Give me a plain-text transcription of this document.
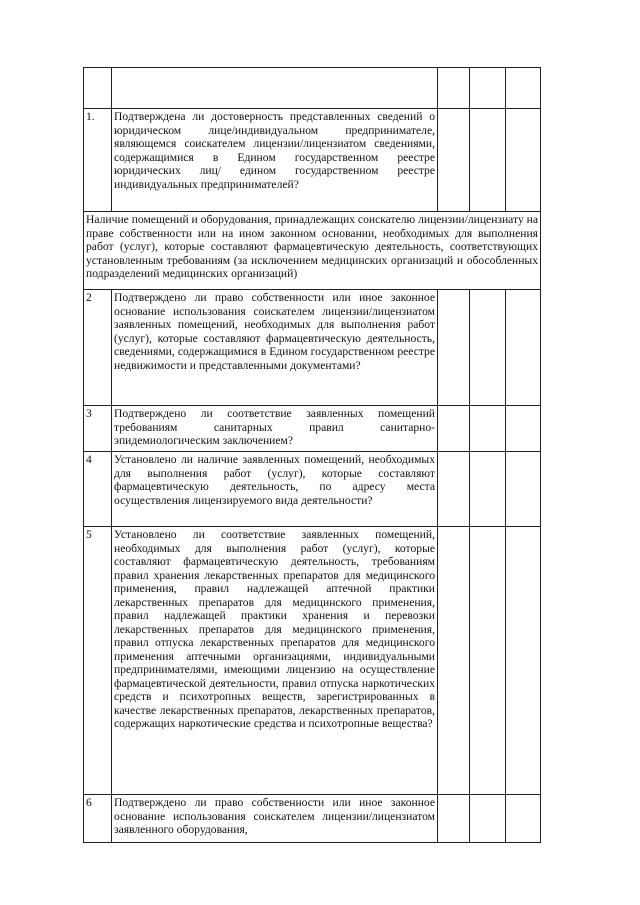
1.	Подтверждена ли достоверность представленных сведений о юридическом лице/индивидуальном предпринимателе, являющемся соискателем лицензии/лицензиатом сведениями, содержащимися в Едином государственном реестре юридических лиц/ едином государственном реестре индивидуальных предпринимателей?			
Наличие помещений и оборудования, принадлежащих соискателю лицензии/лицензиату на праве собственности или на ином законном основании, необходимых для выполнения работ (услуг), которые составляют фармацевтическую деятельность, соответствующих установленным требованиям (за исключением медицинских организаций и обособленных подразделений медицинских организаций)				
2	Подтверждено ли право собственности или иное законное основание использования соискателем лицензии/лицензиатом заявленных помещений, необходимых для выполнения работ (услуг), которые составляют фармацевтическую деятельность, сведениями, содержащимися в Едином государственном реестре недвижимости и представленными документами?			
3	Подтверждено ли соответствие заявленных помещений требованиям санитарных правил санитарно-эпидемиологическим заключением?			
4	Установлено ли наличие заявленных помещений, необходимых для выполнения работ (услуг), которые составляют фармацевтическую деятельность, по адресу места осуществления лицензируемого вида деятельности?			
5	Установлено ли соответствие заявленных помещений, необходимых для выполнения работ (услуг), которые составляют фармацевтическую деятельность, требованиям правил хранения лекарственных препаратов для медицинского применения, правил надлежащей аптечной практики лекарственных препаратов для медицинского применения, правил надлежащей практики хранения и перевозки лекарственных препаратов для медицинского применения, правил отпуска лекарственных препаратов для медицинского применения аптечными организациями, индивидуальными предпринимателями, имеющими лицензию на осуществление фармацевтической деятельности, правил отпуска наркотических средств и психотропных веществ, зарегистрированных в качестве лекарственных препаратов, лекарственных препаратов, содержащих наркотические средства и психотропные вещества?			
6	Подтверждено ли право собственности или иное законное основание использования соискателем лицензии/лицензиатом заявленного оборудования,			
